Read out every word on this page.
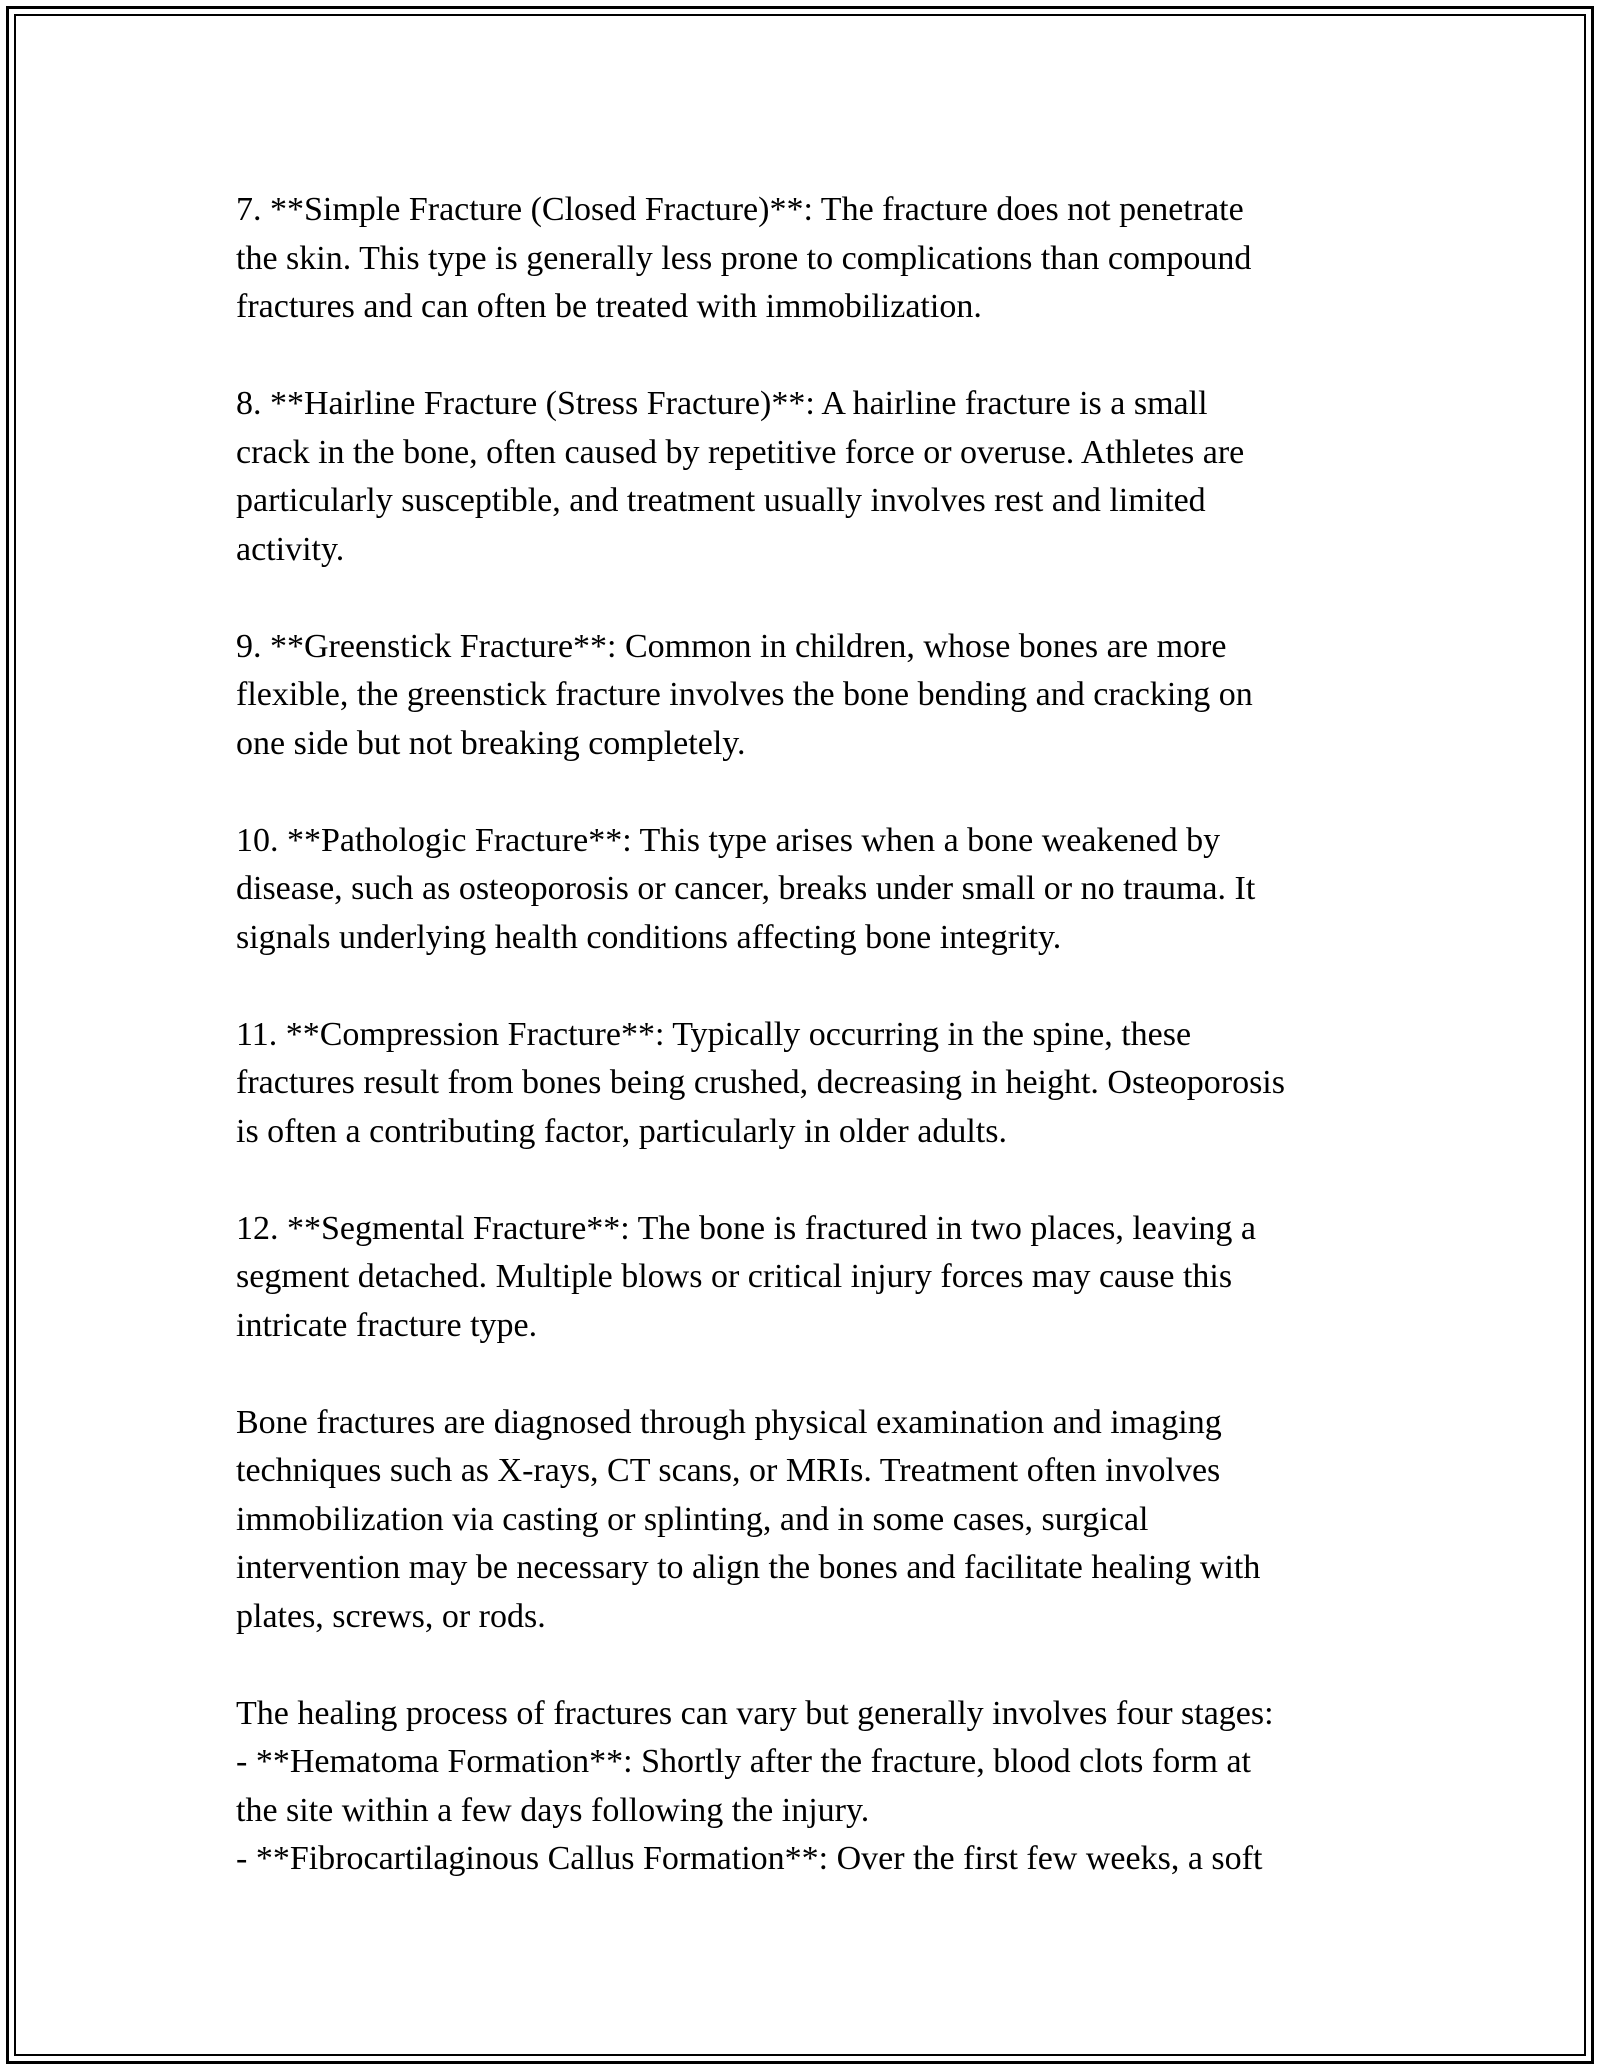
7. **Simple Fracture (Closed Fracture)**: The fracture does not penetrate
the skin. This type is generally less prone to complications than compound
fractures and can often be treated with immobilization.

8. **Hairline Fracture (Stress Fracture)**: A hairline fracture is a small
crack in the bone, often caused by repetitive force or overuse. Athletes are
particularly susceptible, and treatment usually involves rest and limited
activity.

9. **Greenstick Fracture**: Common in children, whose bones are more
flexible, the greenstick fracture involves the bone bending and cracking on
one side but not breaking completely.

10. **Pathologic Fracture**: This type arises when a bone weakened by
disease, such as osteoporosis or cancer, breaks under small or no trauma. It
signals underlying health conditions affecting bone integrity.

11. **Compression Fracture**: Typically occurring in the spine, these
fractures result from bones being crushed, decreasing in height. Osteoporosis
is often a contributing factor, particularly in older adults.

12. **Segmental Fracture**: The bone is fractured in two places, leaving a
segment detached. Multiple blows or critical injury forces may cause this
intricate fracture type.

Bone fractures are diagnosed through physical examination and imaging
techniques such as X-rays, CT scans, or MRIs. Treatment often involves
immobilization via casting or splinting, and in some cases, surgical
intervention may be necessary to align the bones and facilitate healing with
plates, screws, or rods.

The healing process of fractures can vary but generally involves four stages:
- **Hematoma Formation**: Shortly after the fracture, blood clots form at
the site within a few days following the injury.
- **Fibrocartilaginous Callus Formation**: Over the first few weeks, a soft
